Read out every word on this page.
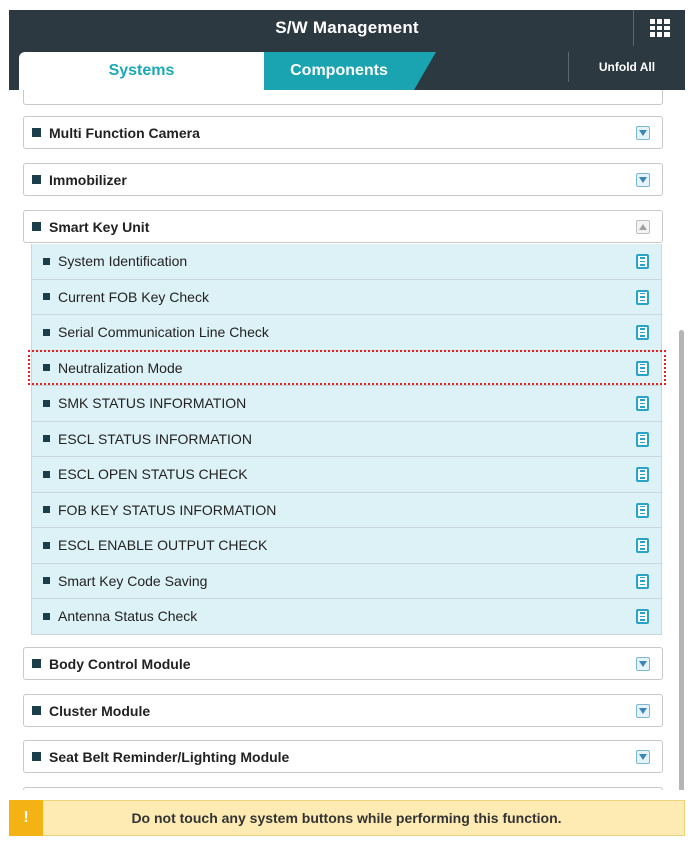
S/W Management
Systems	Components	Unfold All
Multi Function Camera
Immobilizer
Smart Key Unit
System Identification
Current FOB Key Check
Serial Communication Line Check
Neutralization Mode
SMK STATUS INFORMATION
ESCL STATUS INFORMATION
ESCL OPEN STATUS CHECK
FOB KEY STATUS INFORMATION
ESCL ENABLE OUTPUT CHECK
Smart Key Code Saving
Antenna Status Check
Body Control Module
Cluster Module
Seat Belt Reminder/Lighting Module
!	Do not touch any system buttons while performing this function.
